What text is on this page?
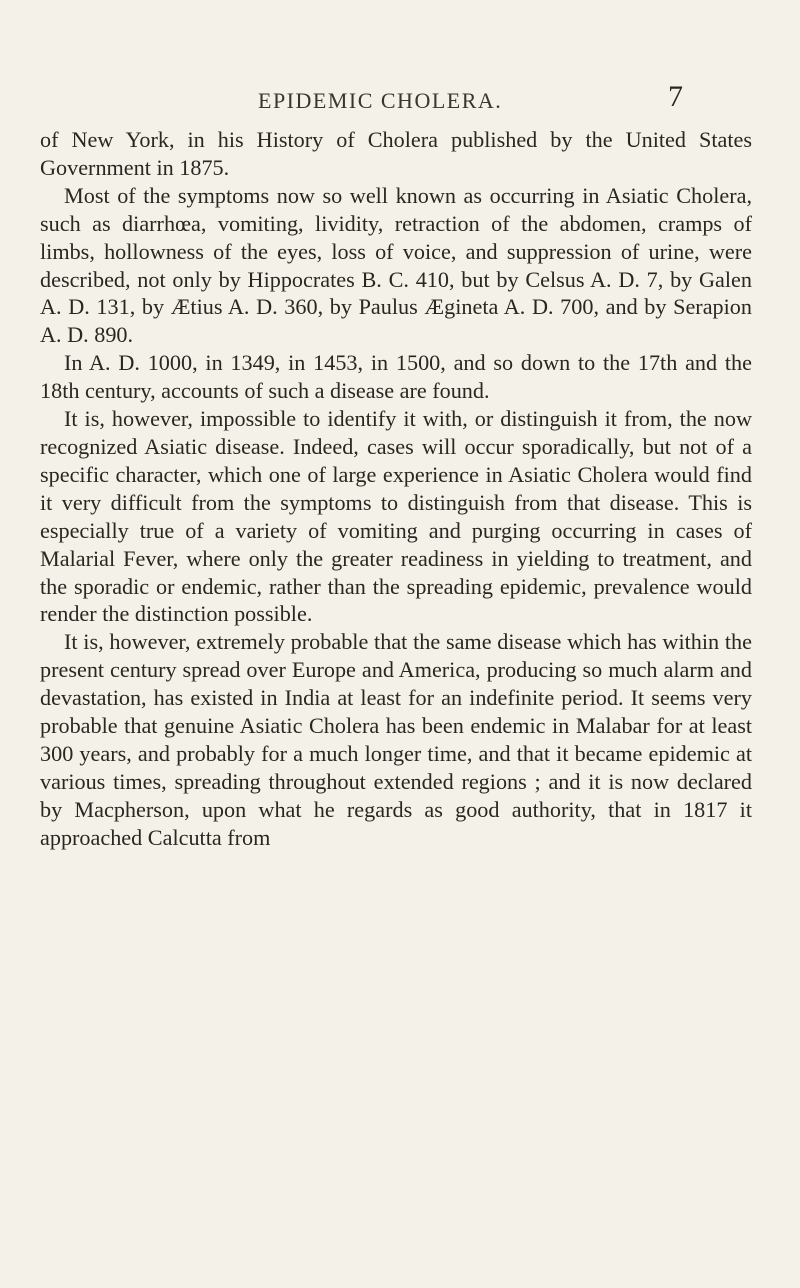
EPIDEMIC CHOLERA.	7

of New York, in his History of Cholera published by the United States Government in 1875.

Most of the symptoms now so well known as occurring in Asiatic Cholera, such as diarrhœa, vomiting, lividity, retraction of the abdomen, cramps of limbs, hollowness of the eyes, loss of voice, and suppression of urine, were described, not only by Hippocrates B. C. 410, but by Celsus A. D. 7, by Galen A. D. 131, by Ætius A. D. 360, by Paulus Ægineta A. D. 700, and by Serapion A. D. 890.

In A. D. 1000, in 1349, in 1453, in 1500, and so down to the 17th and the 18th century, accounts of such a disease are found.

It is, however, impossible to identify it with, or distinguish it from, the now recognized Asiatic disease. Indeed, cases will occur sporadically, but not of a specific character, which one of large experience in Asiatic Cholera would find it very difficult from the symptoms to distinguish from that disease. This is especially true of a variety of vomiting and purging occurring in cases of Malarial Fever, where only the greater readiness in yielding to treatment, and the sporadic or endemic, rather than the spreading epidemic, prevalence would render the distinction possible.

It is, however, extremely probable that the same disease which has within the present century spread over Europe and America, producing so much alarm and devastation, has existed in India at least for an indefinite period. It seems very probable that genuine Asiatic Cholera has been endemic in Malabar for at least 300 years, and probably for a much longer time, and that it became epidemic at various times, spreading throughout extended regions ; and it is now declared by Macpherson, upon what he regards as good authority, that in 1817 it approached Calcutta from
